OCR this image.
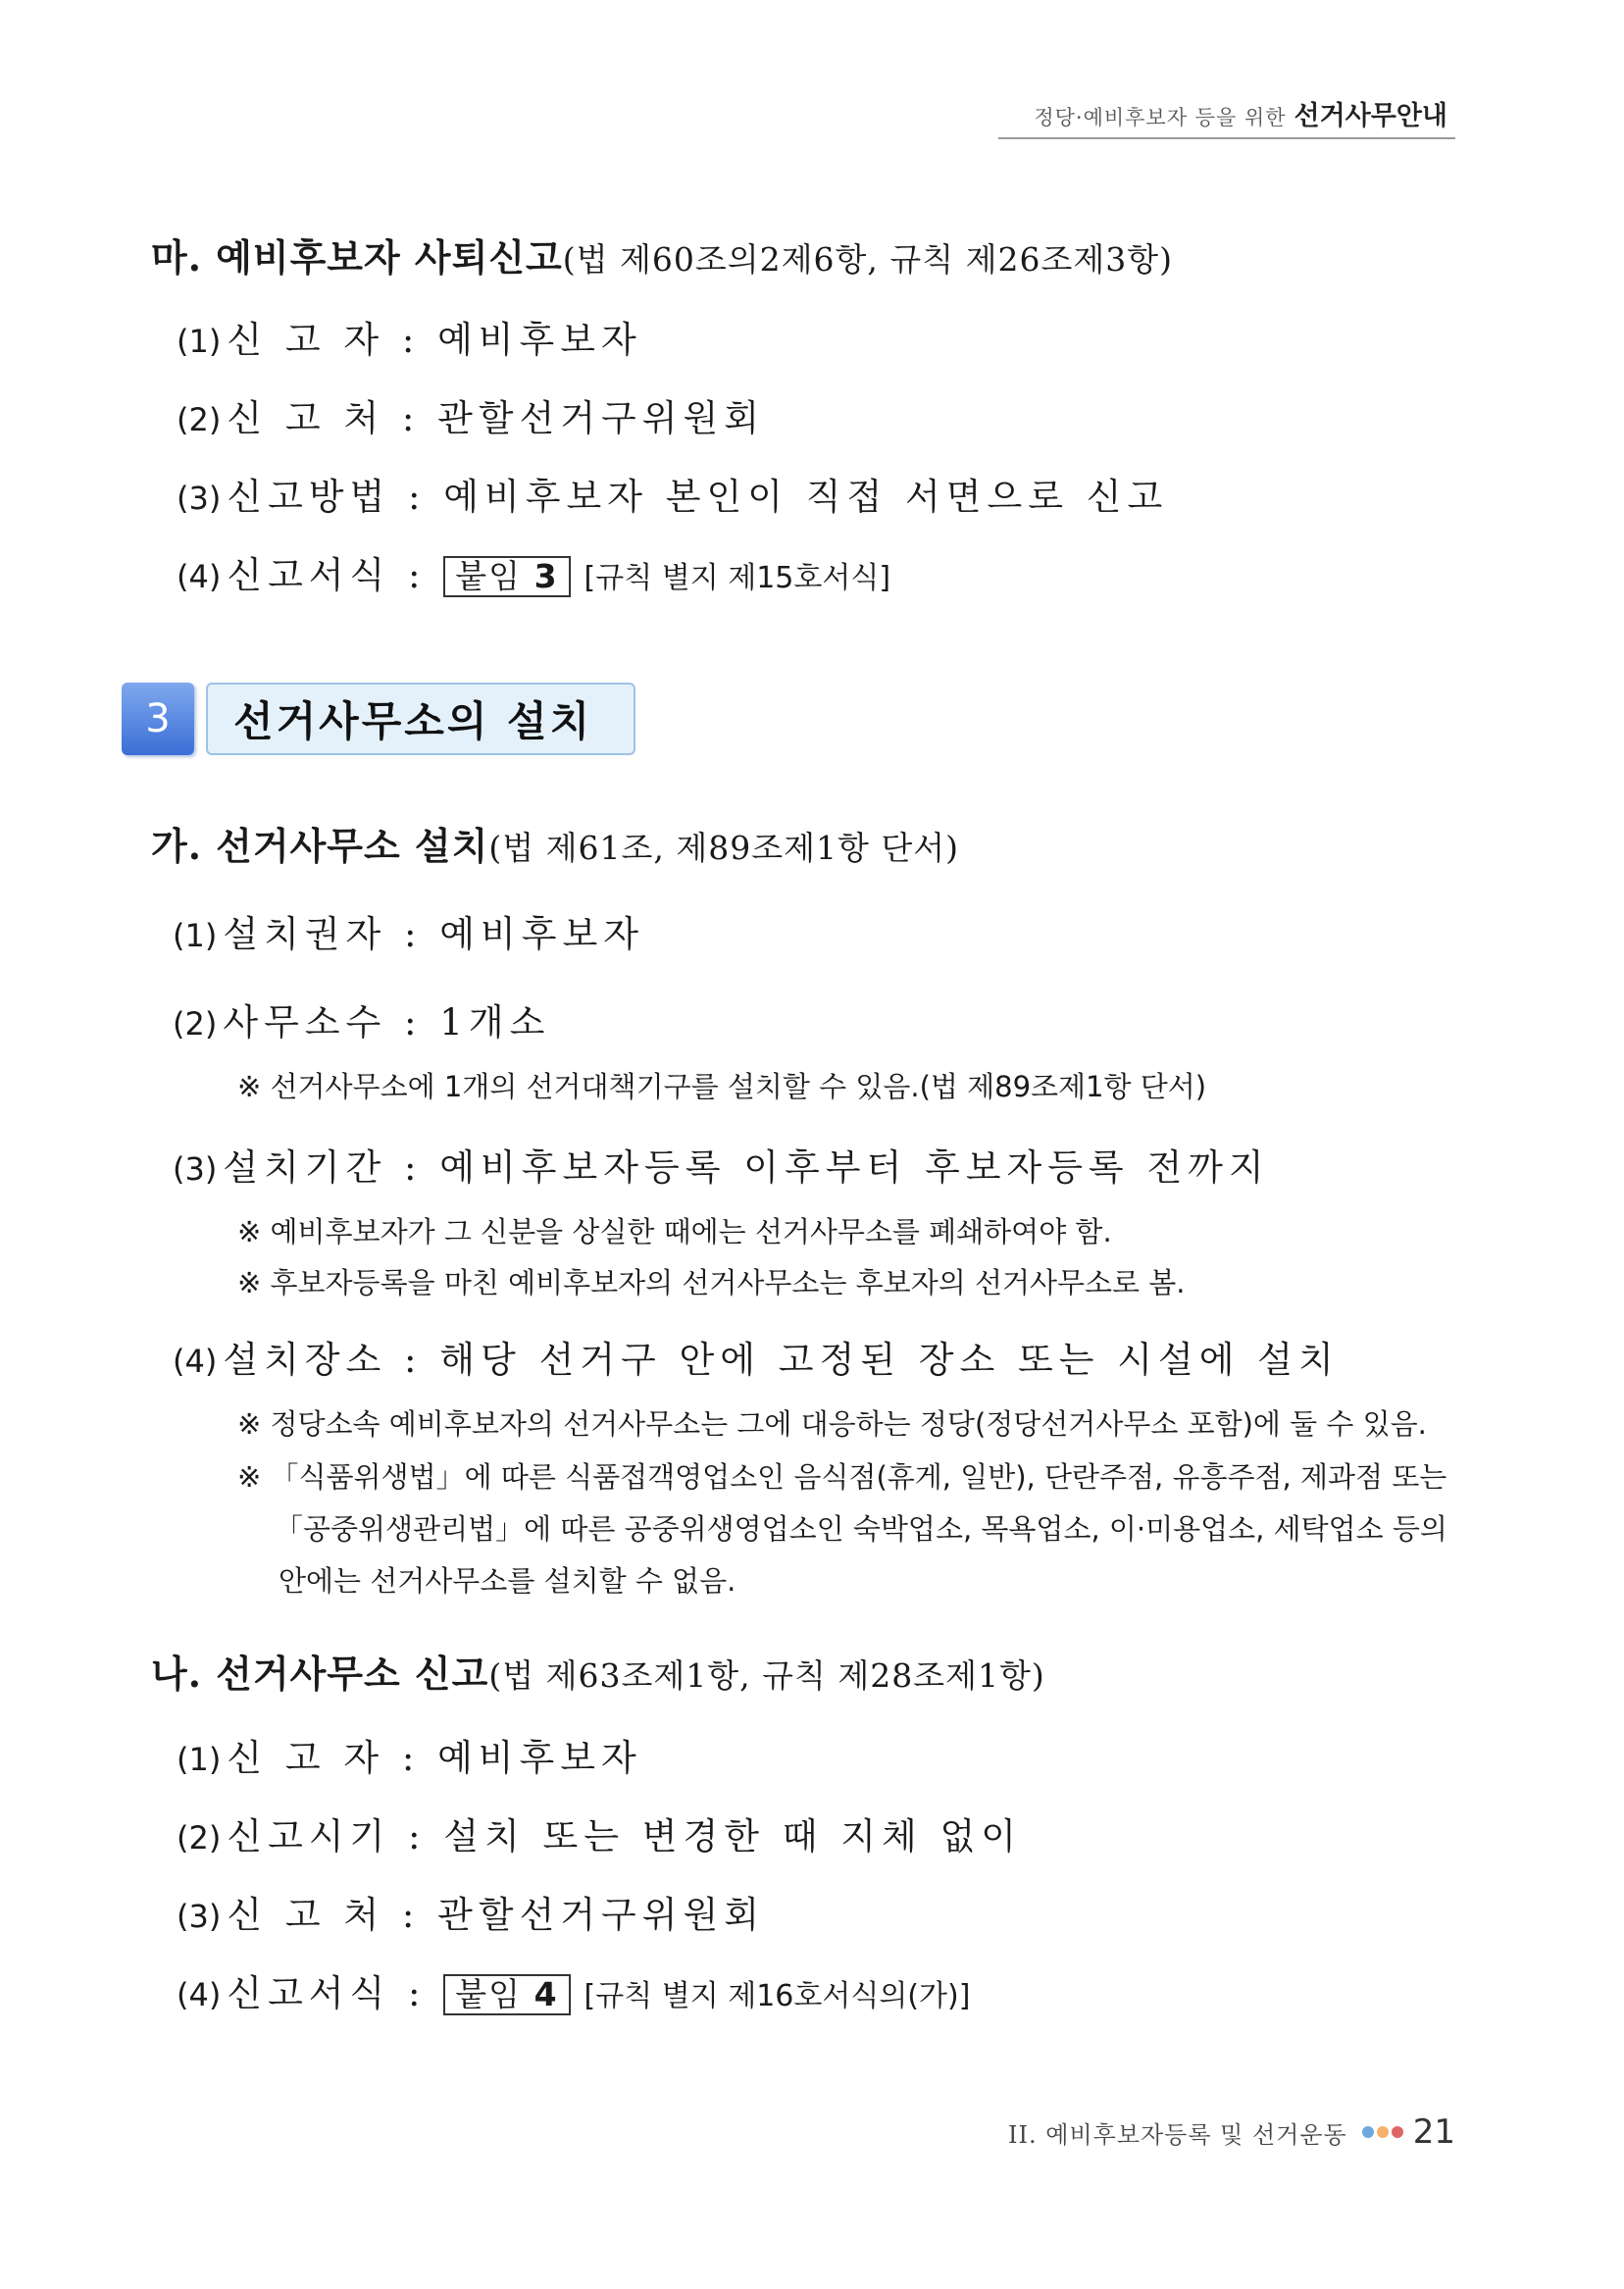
정당·예비후보자 등을 위한 선거사무안내
마. 예비후보자 사퇴신고(법 제60조의2제6항, 규칙 제26조제3항)
(1) 신 고 자 : 예비후보자
(2) 신 고 처 : 관할선거구위원회
(3) 신고방법 : 예비후보자 본인이 직접 서면으로 신고
(4) 신고서식 : 붙임 3 [규칙 별지 제15호서식]
3	선거사무소의 설치
가. 선거사무소 설치(법 제61조, 제89조제1항 단서)
(1) 설치권자 : 예비후보자
(2) 사무소수 : 1개소
※ 선거사무소에 1개의 선거대책기구를 설치할 수 있음.(법 제89조제1항 단서)
(3) 설치기간 : 예비후보자등록 이후부터 후보자등록 전까지
※ 예비후보자가 그 신분을 상실한 때에는 선거사무소를 폐쇄하여야 함.
※ 후보자등록을 마친 예비후보자의 선거사무소는 후보자의 선거사무소로 봄.
(4) 설치장소 : 해당 선거구 안에 고정된 장소 또는 시설에 설치
※ 정당소속 예비후보자의 선거사무소는 그에 대응하는 정당(정당선거사무소 포함)에 둘 수 있음.
※ 「식품위생법」에 따른 식품접객영업소인 음식점(휴게, 일반), 단란주점, 유흥주점, 제과점 또는
「공중위생관리법」에 따른 공중위생영업소인 숙박업소, 목욕업소, 이·미용업소, 세탁업소 등의
안에는 선거사무소를 설치할 수 없음.
나. 선거사무소 신고(법 제63조제1항, 규칙 제28조제1항)
(1) 신 고 자 : 예비후보자
(2) 신고시기 : 설치 또는 변경한 때 지체 없이
(3) 신 고 처 : 관할선거구위원회
(4) 신고서식 : 붙임 4 [규칙 별지 제16호서식의(가)]
II. 예비후보자등록 및 선거운동 21
